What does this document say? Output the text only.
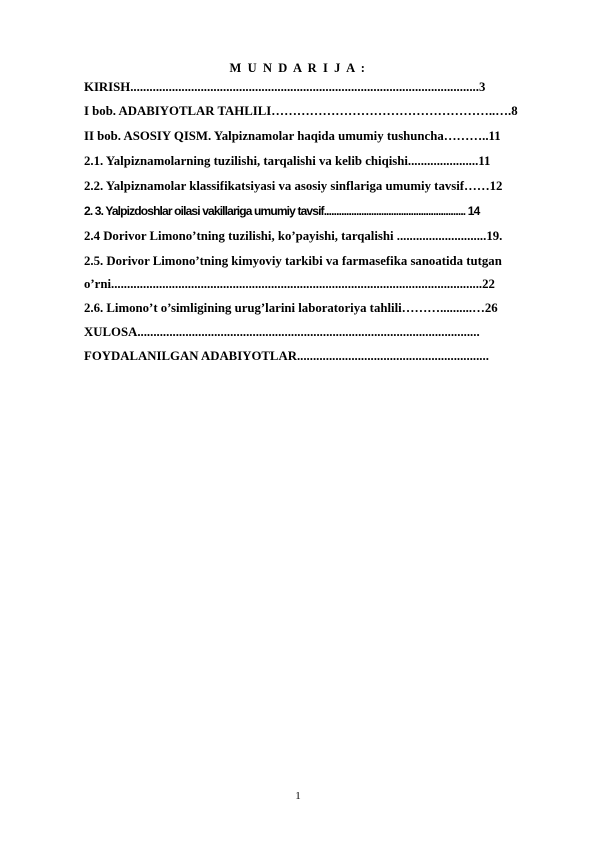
M U N D A R I J A :
KIRISH.............................................................................................................3
I bob. ADABIYOTLAR TAHLILI……………………………………………..….8
II bob. ASOSIY QISM. Yalpiznamolar haqida umumiy tushuncha………..11
2.1. Yalpiznamolarning tuzilishi, tarqalishi va kelib chiqishi......................11
2.2. Yalpiznamolar klassifikatsiyasi va asosiy sinflariga umumiy tavsif……12
2. 3. Yalpizdoshlar oilasi vakillariga umumiy tavsif......................................................... 14
2.4 Dorivor Limono’tning tuzilishi, ko’payishi, tarqalishi ............................19.
2.5. Dorivor Limono’tning kimyoviy tarkibi va farmasefika sanoatida tutgan
o’rni....................................................................................................................22
2.6. Limono’t o’simligining urug’larini laboratoriya tahlili………..........…26
XULOSA...........................................................................................................
FOYDALANILGAN ADABIYOTLAR............................................................
1
